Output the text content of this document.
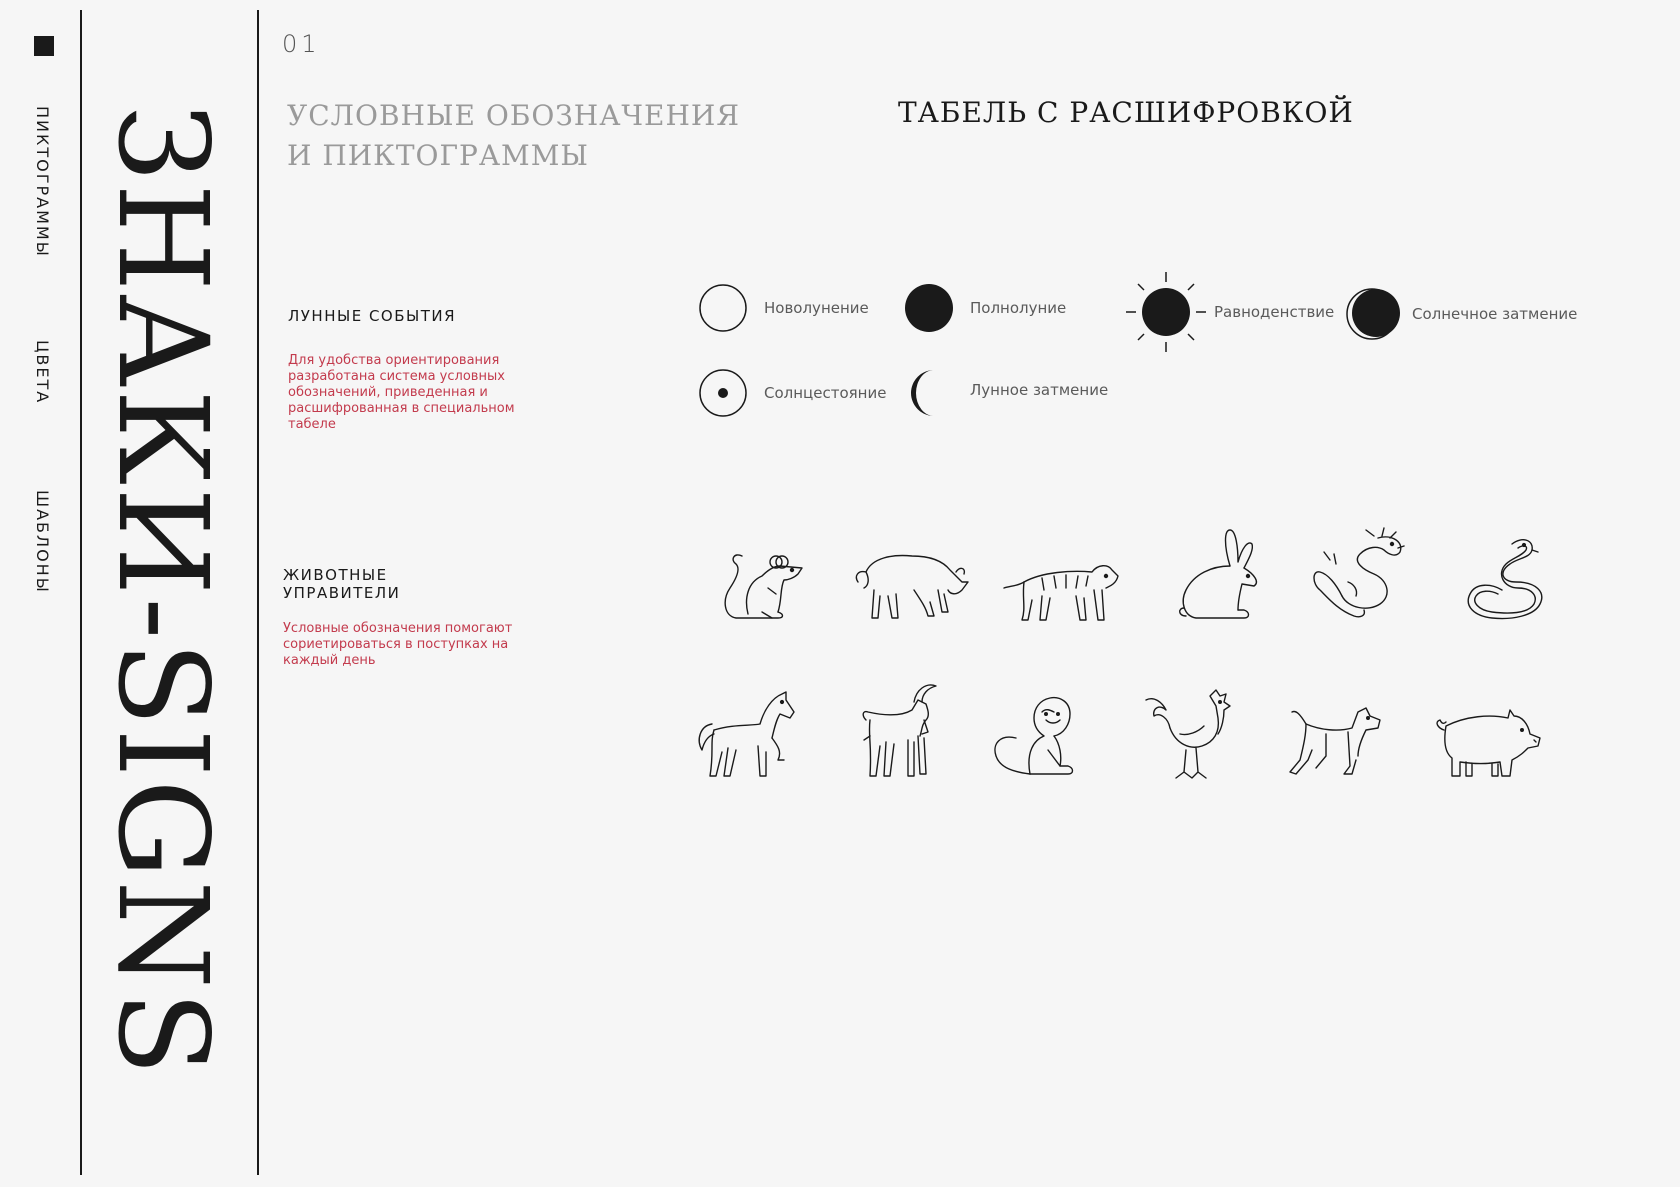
ПИКТОГРАММЫ
ЦВЕТА
ШАБЛОНЫ ЗНАКИ-SIGNS
01
УСЛОВНЫЕ ОБОЗНАЧЕНИЯ
И ПИКТОГРАММЫ
ТАБЕЛЬ С РАСШИФРОВКОЙ
ЛУННЫЕ СОБЫТИЯ
Для удобства ориентирования разработана система условных обозначений, приведенная и расшифрованная в специальном табеле
ЖИВОТНЫЕ
УПРАВИТЕЛИ
Условные обозначения помогают сориетироваться в поступках на каждый день
Новолунение	Полнолуние	Равноденствие	Солнечное затмение
Солнцестояние	Лунное затмение
